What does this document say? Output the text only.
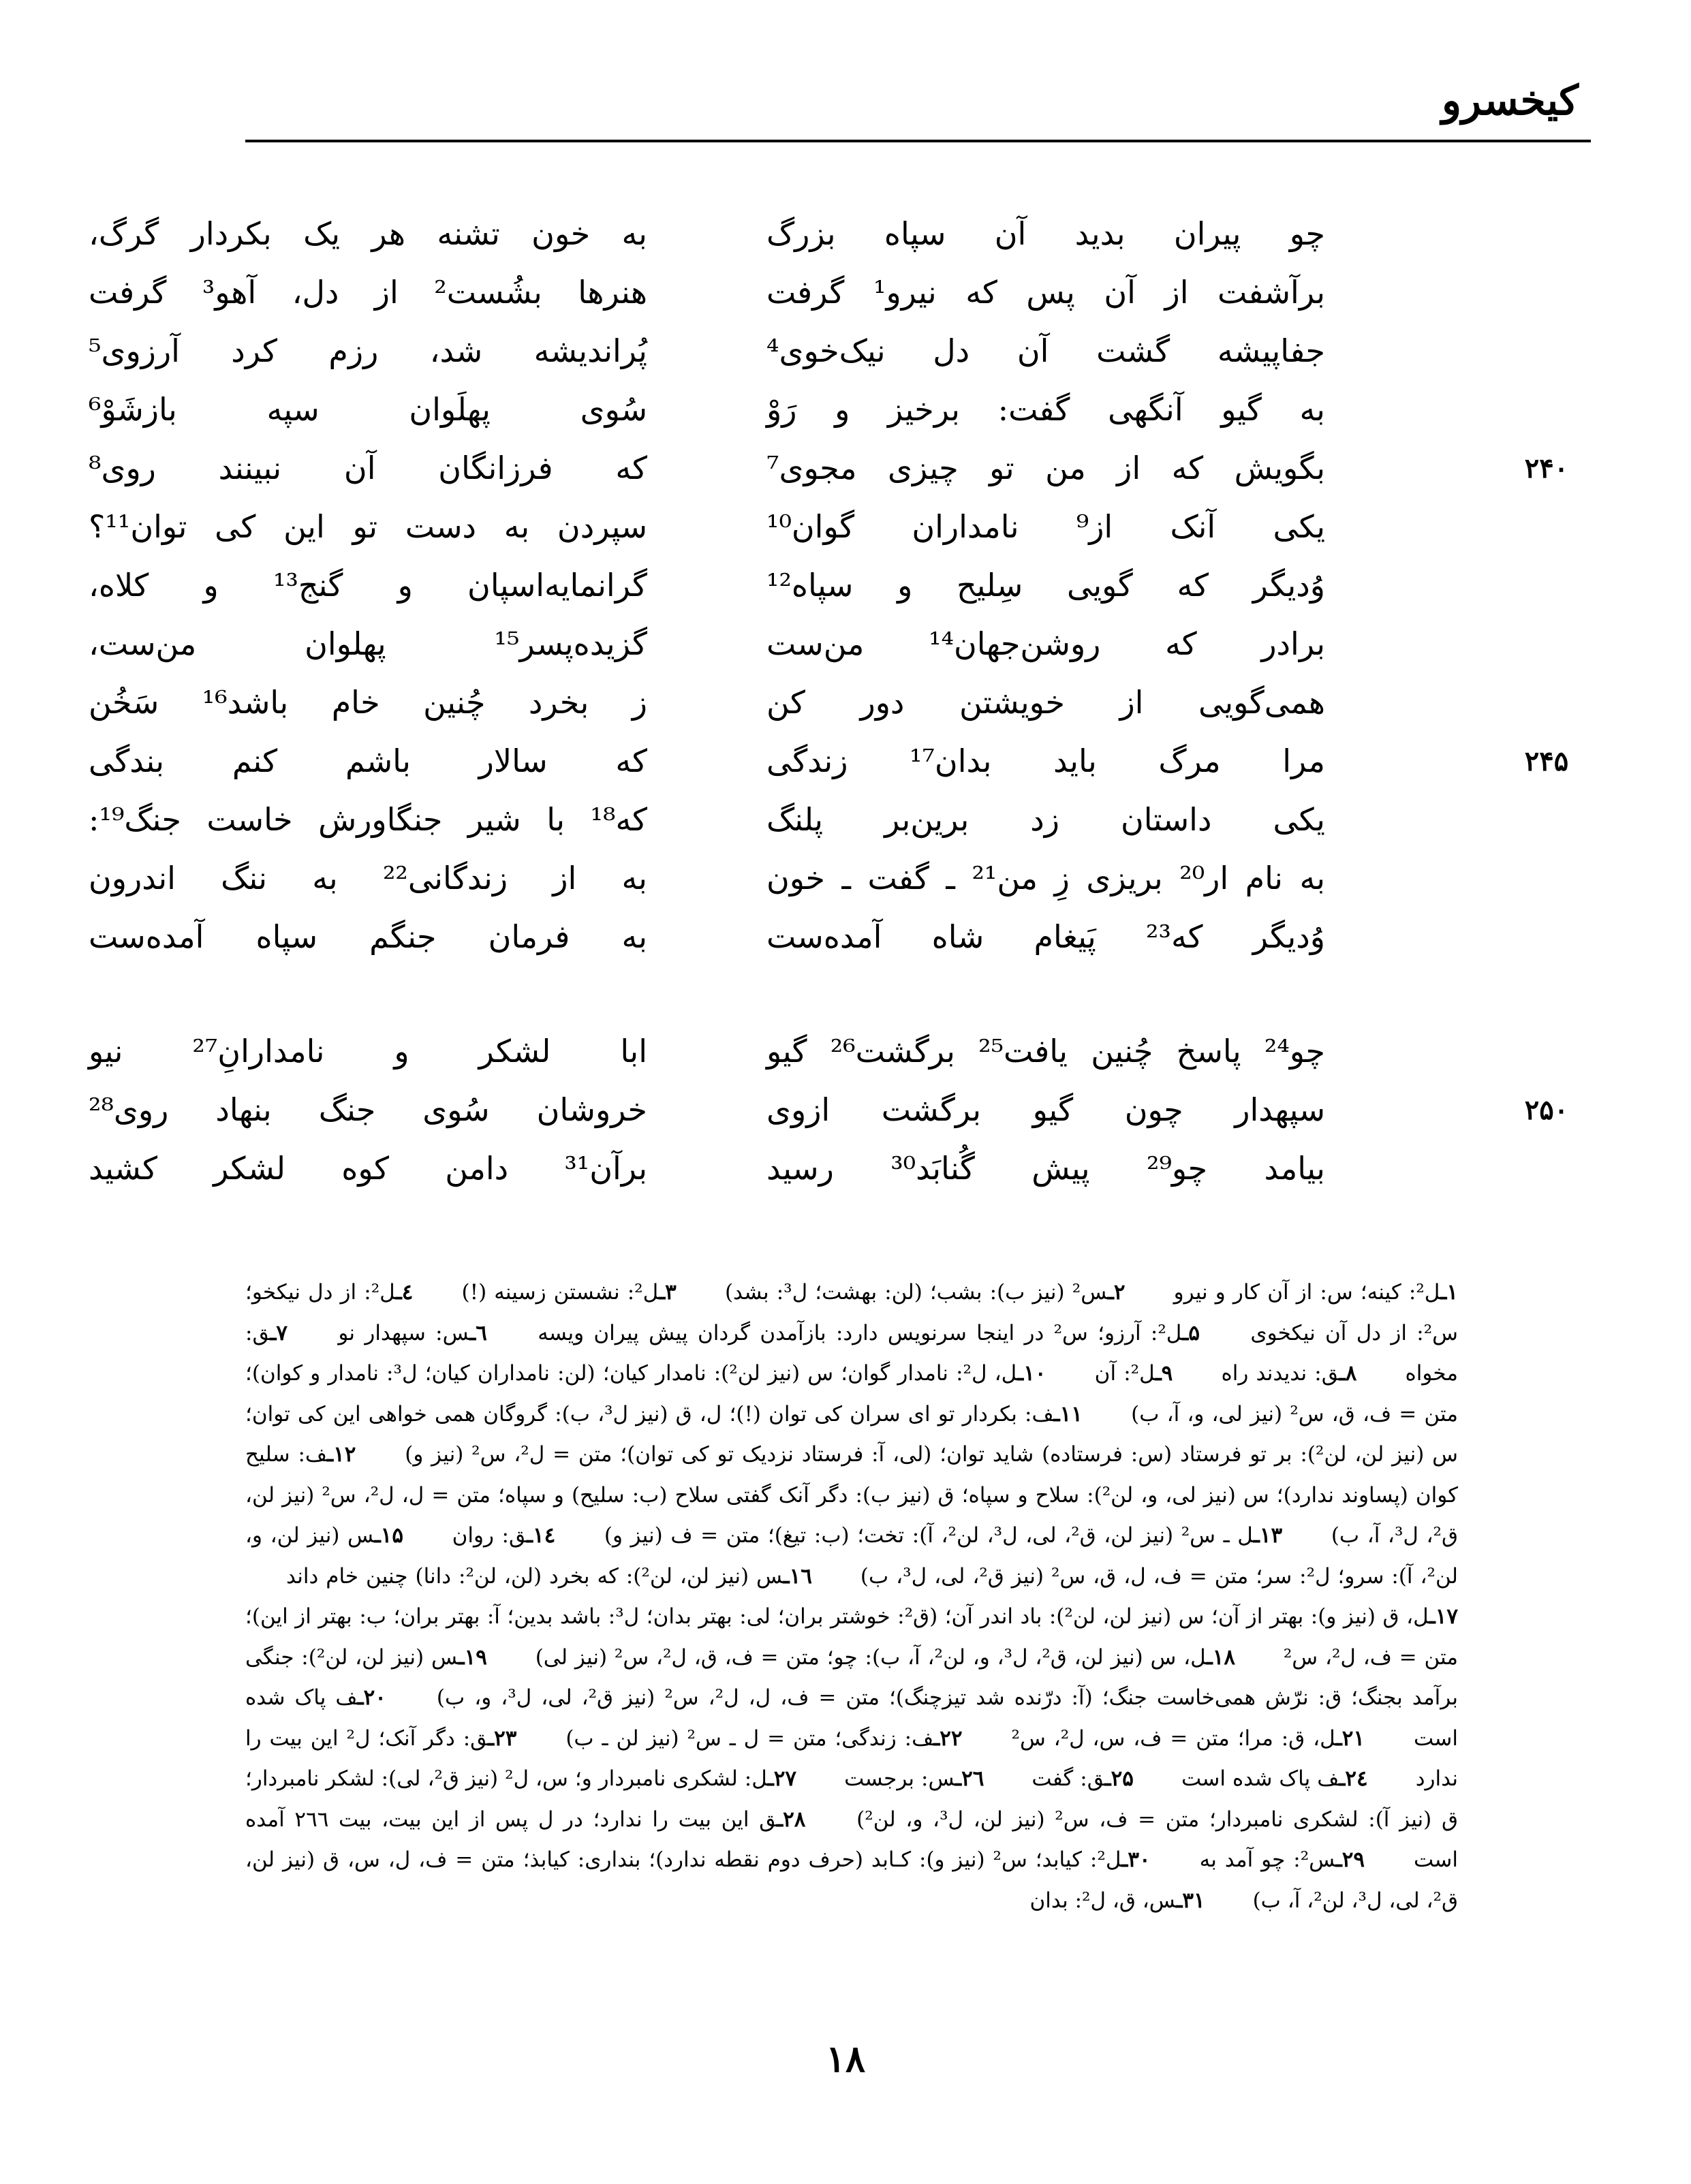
کیخسرو
چو پیران بدید آن سپاه بزرگ
به خون تشنه هر یک بکردار گرگ،
برآشفت از آن پس که نیرو¹ گرفت
هنرها بشُست² از دل، آهو³ گرفت
جفاپیشه گشت آن دل نیک‌خوی⁴
پُراندیشه شد، رزم کرد آرزوی⁵
به گیو آنگهی گفت: برخیز و رَوْ
سُوی پهلَوان سپه بازشَوْ⁶
۲۴۰
بگویش که از من تو چیزی مجوی⁷
که فرزانگان آن نبینند روی⁸
یکی آنک از⁹ نامداران گوان¹⁰
سپردن به دست تو این کی توان¹¹؟
وُدیگر که گویی سِلیح و سپاه¹²
گرانمایه‌اسپان و گنج¹³ و کلاه،
برادر که روشن‌جهان¹⁴ من‌ست
گزیده‌پسر¹⁵ پهلوان من‌ست،
همی‌گویی از خویشتن دور کن
ز بخرد چُنین خام باشد¹⁶ سَخُن
۲۴۵
مرا مرگ باید بدان¹⁷ زندگی
که سالار باشم کنم بندگی
یکی داستان زد برین‌بر پلنگ
که¹⁸ با شیر جنگاورش خاست جنگ¹⁹:
به نام ار²⁰ بریزی زِ من²¹ ـ گفت ـ خون
به از زندگانی²² به ننگ اندرون
وُدیگر که²³ پَیغام شاه آمده‌ست
به فرمان جنگم سپاه آمده‌ست
چو²⁴ پاسخ چُنین یافت²⁵ برگشت²⁶ گیو
ابا لشکر و نامدارانِ²⁷ نیو
۲۵۰
سپهدار چون گیو برگشت ازوی
خروشان سُوی جنگ بنهاد روی²⁸
بیامد چو²⁹ پیش گُنابَد³⁰ رسید
برآن³¹ دامن کوه لشکر کشید
۱ـل²: کینه؛ س: از آن کار و نیرو ۲ـس² (نیز ب): بشب؛ (لن: بهشت؛ ل³: بشد) ۳ـل²: نشستن زسینه (!) ٤ـل²: از دل نیکخو؛ س²: از دل آن نیکخوی ۵ـل²: آرزو؛ س² در اینجا سرنویس دارد: بازآمدن گردان پیش پیران ویسه ٦ـس: سپهدار نو ۷ـق: مخواه ۸ـق: ندیدند راه ۹ـل²: آن ۱۰ـل، ل²: نامدار گوان؛ س (نیز لن²): نامدار کیان؛ (لن: نامداران کیان؛ ل³: نامدار و کوان)؛ متن = ف، ق، س² (نیز لی، و، آ، ب) ۱۱ـف: بکردار تو ای سران کی توان (!)؛ ل، ق (نیز ل³، ب): گروگان همی خواهی این کی توان؛ س (نیز لن، لن²): بر تو فرستاد (س: فرستاده) شاید توان؛ (لی، آ: فرستاد نزدیک تو کی توان)؛ متن = ل²، س² (نیز و) ۱۲ـف: سلیح کوان (پساوند ندارد)؛ س (نیز لی، و، لن²): سلاح و سپاه؛ ق (نیز ب): دگر آنک گفتی سلاح (ب: سلیح) و سپاه؛ متن = ل، ل²، س² (نیز لن، ق²، ل³، آ، ب) ۱۳ـل ـ س² (نیز لن، ق²، لی، ل³، لن²، آ): تخت؛ (ب: تیغ)؛ متن = ف (نیز و) ۱٤ـق: روان ۱۵ـس (نیز لن، و، لن²، آ): سرو؛ ل²: سر؛ متن = ف، ل، ق، س² (نیز ق²، لی، ل³، ب) ۱٦ـس (نیز لن، لن²): که بخرد (لن، لن²: دانا) چنین خام داند ۱۷ـل، ق (نیز و): بهتر از آن؛ س (نیز لن، لن²): باد اندر آن؛ (ق²: خوشتر بران؛ لی: بهتر بدان؛ ل³: باشد بدین؛ آ: بهتر بران؛ ب: بهتر از این)؛ متن = ف، ل²، س² ۱۸ـل، س (نیز لن، ق²، ل³، و، لن²، آ، ب): چو؛ متن = ف، ق، ل²، س² (نیز لی) ۱۹ـس (نیز لن، لن²): جنگی برآمد بجنگ؛ ق: نرّش همی‌خاست جنگ؛ (آ: درّنده شد تیزچنگ)؛ متن = ف، ل، ل²، س² (نیز ق²، لی، ل³، و، ب) ۲۰ـف پاک شده است ۲۱ـل، ق: مرا؛ متن = ف، س، ل²، س² ۲۲ـف: زندگی؛ متن = ل ـ س² (نیز لن ـ ب) ۲۳ـق: دگر آنک؛ ل² این بیت را ندارد ۲٤ـف پاک شده است ۲۵ـق: گفت ۲٦ـس: برجست ۲۷ـل: لشکری نامبردار و؛ س، ل² (نیز ق²، لی): لشکر نامبردار؛ ق (نیز آ): لشکری نامبردار؛ متن = ف، س² (نیز لن، ل³، و، لن²) ۲۸ـق این بیت را ندارد؛ در ل پس از این بیت، بیت ۲٦٦ آمده است ۲۹ـس²: چو آمد به ۳۰ـل²: کیابد؛ س² (نیز و): کـابد (حرف دوم نقطه ندارد)؛ بنداری: کیابذ؛ متن = ف، ل، س، ق (نیز لن، ق²، لی، ل³، لن²، آ، ب) ۳۱ـس، ق، ل²: بدان
۱۸
